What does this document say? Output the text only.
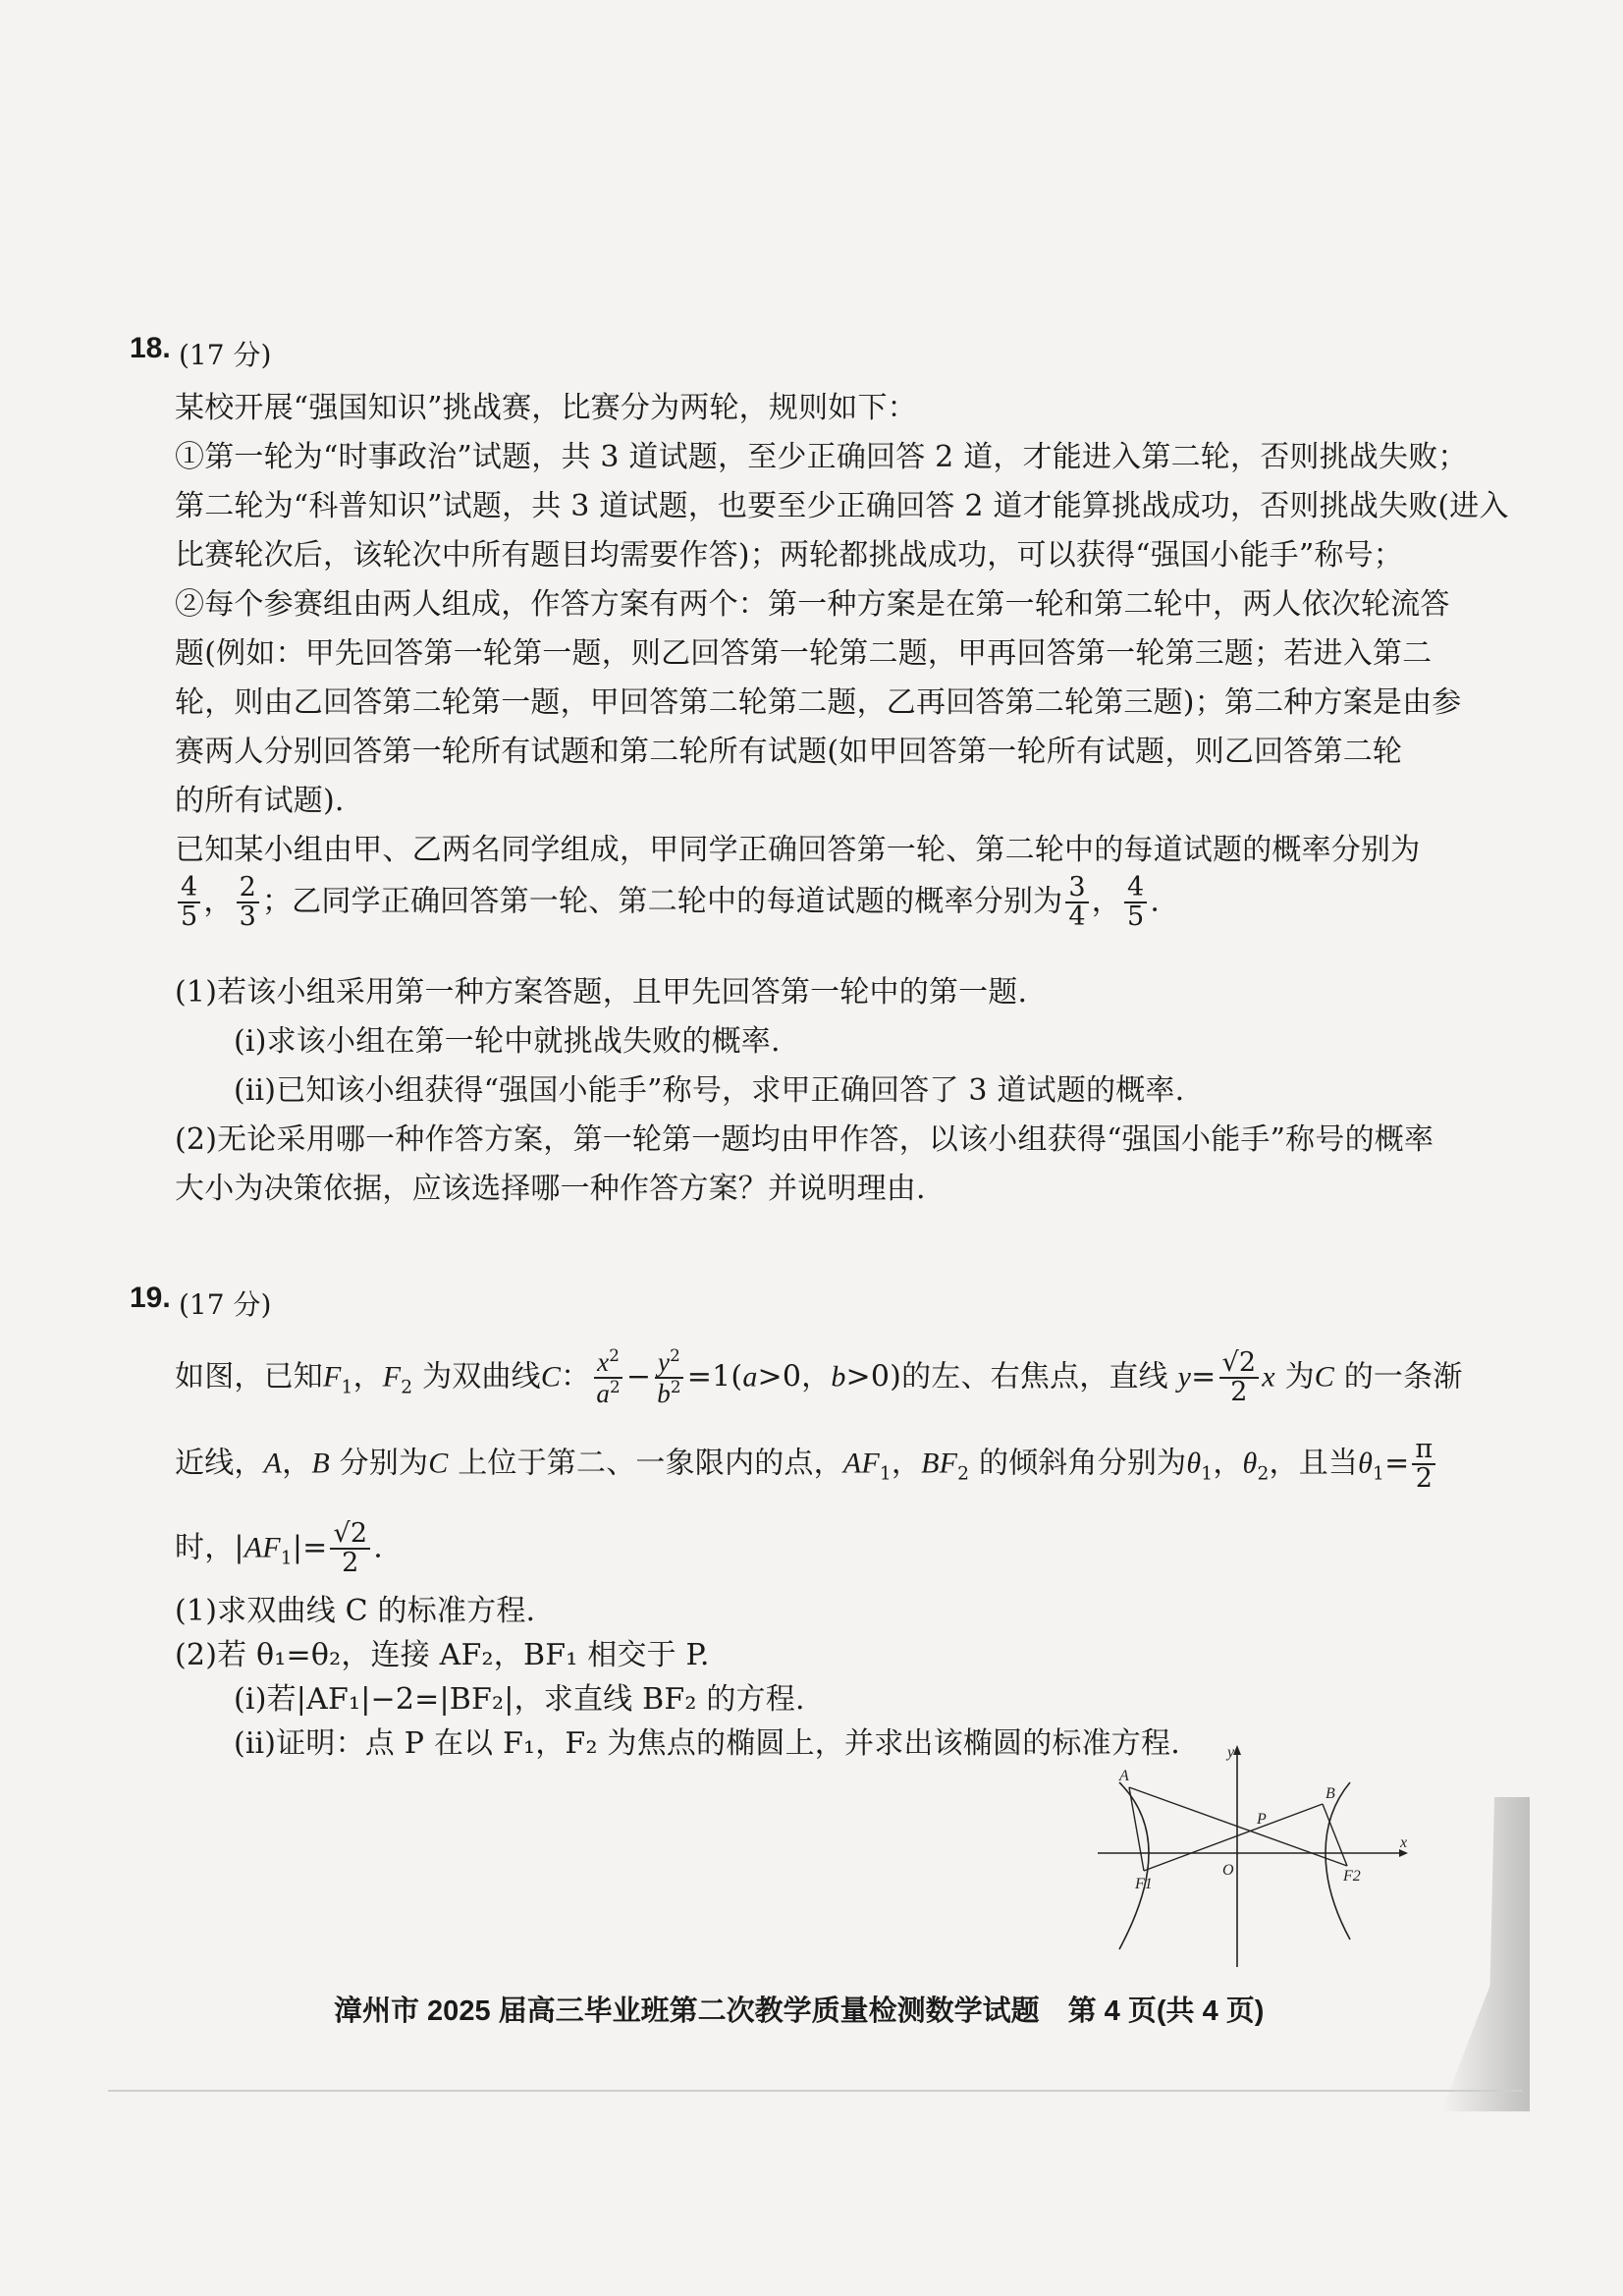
18. (17 分)
某校开展“强国知识”挑战赛，比赛分为两轮，规则如下：
①第一轮为“时事政治”试题，共 3 道试题，至少正确回答 2 道，才能进入第二轮，否则挑战失败；
第二轮为“科普知识”试题，共 3 道试题，也要至少正确回答 2 道才能算挑战成功，否则挑战失败(进入
比赛轮次后，该轮次中所有题目均需要作答)；两轮都挑战成功，可以获得“强国小能手”称号；
②每个参赛组由两人组成，作答方案有两个：第一种方案是在第一轮和第二轮中，两人依次轮流答
题(例如：甲先回答第一轮第一题，则乙回答第一轮第二题，甲再回答第一轮第三题；若进入第二
轮，则由乙回答第二轮第一题，甲回答第二轮第二题，乙再回答第二轮第三题)；第二种方案是由参
赛两人分别回答第一轮所有试题和第二轮所有试题(如甲回答第一轮所有试题，则乙回答第二轮
的所有试题).
已知某小组由甲、乙两名同学组成，甲同学正确回答第一轮、第二轮中的每道试题的概率分别为
$\frac{4}{5}$ ， $\frac{2}{3}$ ；乙同学正确回答第一轮、第二轮中的每道试题的概率分别为 $\frac{3}{4}$ ， $\frac{4}{5}$ .
(1)若该小组采用第一种方案答题，且甲先回答第一轮中的第一题.
(ⅰ)求该小组在第一轮中就挑战失败的概率.
(ⅱ)已知该小组获得“强国小能手”称号，求甲正确回答了 3 道试题的概率.
(2)无论采用哪一种作答方案，第一轮第一题均由甲作答，以该小组获得“强国小能手”称号的概率
大小为决策依据，应该选择哪一种作答方案？并说明理由.
19. (17 分)
如图，已知$F_1$，$F_2$ 为双曲线C： $\frac{x^2}{a^2} - \frac{y^2}{b^2} =1(a>0$，b>0)的左、右焦点，直线 $y= \frac{√2}{2}$ x 为C 的一条渐
近线，A，B 分别为C 上位于第二、一象限内的点，$AF_1$，$BF_2$ 的倾斜角分别为$\theta_1$，$\theta_2$，且当$\theta_1= \frac{\pi}{2}$
时，$|AF_1|= \frac{√2}{2}$ .
(1)求双曲线 C 的标准方程.
(2)若 θ₁=θ₂，连接 AF₂，BF₁ 相交于 P.
(ⅰ)若|AF₁|−2=|BF₂|，求直线 BF₂ 的方程.
(ⅱ)证明：点 P 在以 F₁，F₂ 为焦点的椭圆上，并求出该椭圆的标准方程.
A
B
P
O
F1	F2
x
y
漳州市 2025 届高三毕业班第二次教学质量检测数学试题　第 4 页(共 4 页)
